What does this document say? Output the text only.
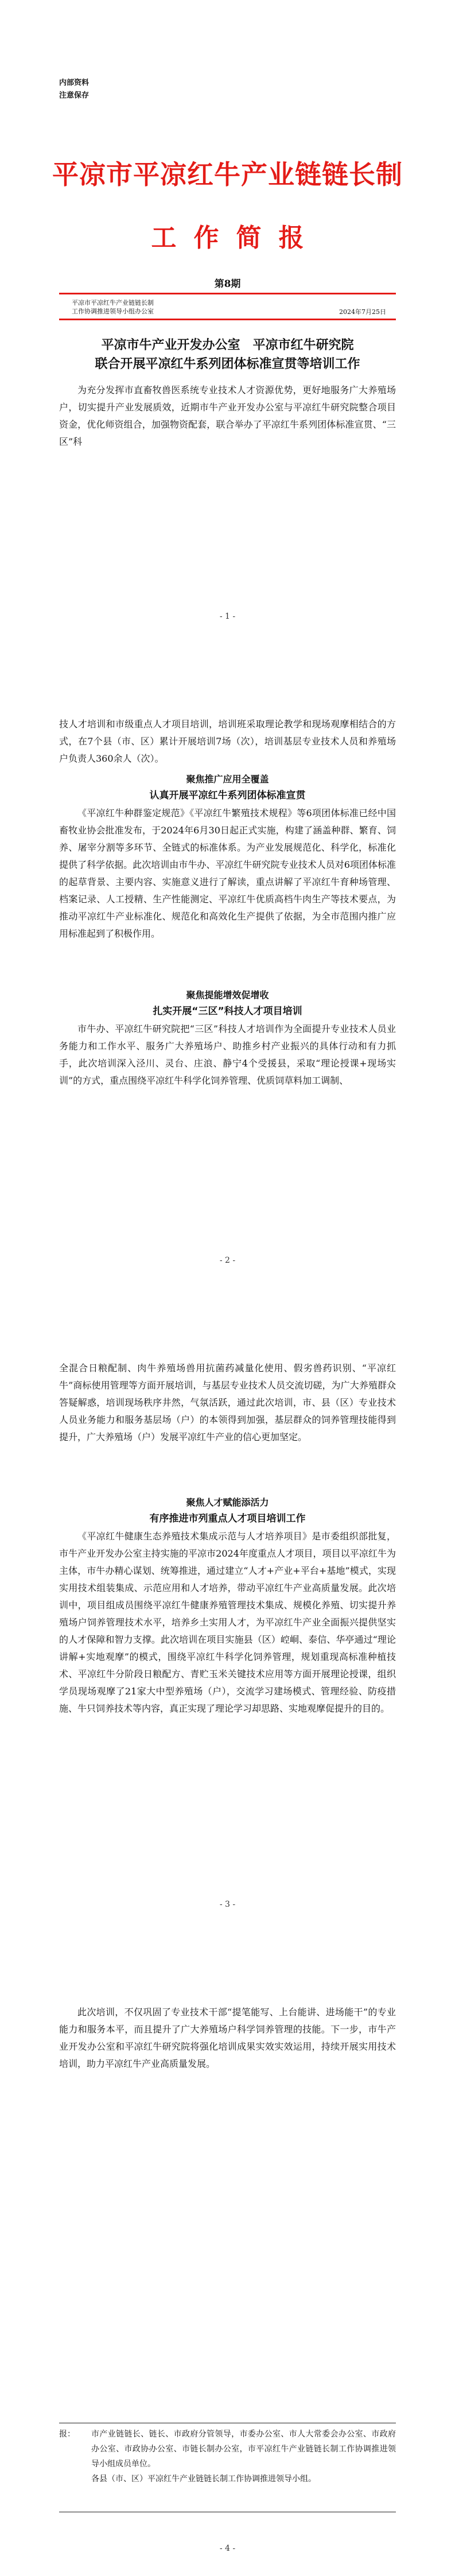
内部资料
注意保存
平凉市平凉红牛产业链链长制
工作简报
第8期
平凉市平凉红牛产业链链长制
工作协调推进领导小组办公室	2024年7月25日
平凉市牛产业开发办公室　平凉市红牛研究院
联合开展平凉红牛系列团体标准宣贯等培训工作

为充分发挥市直畜牧兽医系统专业技术人才资源优势，更好地服务广大养殖场户，切实提升产业发展质效，近期市牛产业开发办公室与平凉红牛研究院整合项目资金，优化师资组合，加强物资配套，联合举办了平凉红牛系列团体标准宣贯、“三区”科

- 1 -

技人才培训和市级重点人才项目培训，培训班采取理论教学和现场观摩相结合的方式，在7个县（市、区）累计开展培训7场（次），培训基层专业技术人员和养殖场户负责人360余人（次）。

聚焦推广应用全覆盖
认真开展平凉红牛系列团体标准宣贯

《平凉红牛种群鉴定规范》《平凉红牛繁殖技术规程》等6项团体标准已经中国畜牧业协会批准发布，于2024年6月30日起正式实施，构建了涵盖种群、繁育、饲养、屠宰分割等多环节、全链式的标准体系。为产业发展规范化、科学化，标准化提供了科学依据。此次培训由市牛办、平凉红牛研究院专业技术人员对6项团体标准的起草背景、主要内容、实施意义进行了解读，重点讲解了平凉红牛育种场管理、档案记录、人工授精、生产性能测定、平凉红牛优质高档牛肉生产等技术要点，为推动平凉红牛产业标准化、规范化和高效化生产提供了依据，为全市范围内推广应用标准起到了积极作用。

聚焦提能增效促增收
扎实开展“三区”科技人才项目培训

市牛办、平凉红牛研究院把“三区”科技人才培训作为全面提升专业技术人员业务能力和工作水平、服务广大养殖场户、助推乡村产业振兴的具体行动和有力抓手，此次培训深入泾川、灵台、庄浪、静宁4个受援县，采取“理论授课+现场实训”的方式，重点围绕平凉红牛科学化饲养管理、优质饲草料加工调制、

- 2 -

全混合日粮配制、肉牛养殖场兽用抗菌药减量化使用、假劣兽药识别、“平凉红牛”商标使用管理等方面开展培训，与基层专业技术人员交流切磋，为广大养殖群众答疑解惑，培训现场秩序井然，气氛活跃，通过此次培训，市、县（区）专业技术人员业务能力和服务基层场（户）的本领得到加强，基层群众的饲养管理技能得到提升，广大养殖场（户）发展平凉红牛产业的信心更加坚定。

聚焦人才赋能添活力
有序推进市列重点人才项目培训工作

《平凉红牛健康生态养殖技术集成示范与人才培养项目》是市委组织部批复，市牛产业开发办公室主持实施的平凉市2024年度重点人才项目，项目以平凉红牛为主体，市牛办精心谋划、统筹推进，通过建立“人才+产业+平台+基地”模式，实现实用技术组装集成、示范应用和人才培养，带动平凉红牛产业高质量发展。此次培训中，项目组成员围绕平凉红牛健康养殖管理技术集成、规模化养殖、切实提升养殖场户饲养管理技术水平，培养乡土实用人才，为平凉红牛产业全面振兴提供坚实的人才保障和智力支撑。此次培训在项目实施县（区）崆峒、泰信、华亭通过“理论讲解+实地观摩”的模式，围绕平凉红牛科学化饲养管理，规划重现高标准种植技术、平凉红牛分阶段日粮配方、青贮玉米关键技术应用等方面开展理论授课，组织学员现场观摩了21家大中型养殖场（户），交流学习建场模式、管理经验、防疫措施、牛只饲养技术等内容，真正实现了理论学习却思路、实地观摩促提升的目的。

- 3 -

此次培训，不仅巩固了专业技术干部“提笔能写、上台能讲、进场能干”的专业能力和服务本平，而且提升了广大养殖场户科学饲养管理的技能。下一步，市牛产业开发办公室和平凉红牛研究院将强化培训成果实效实效运用，持续开展实用技术培训，助力平凉红牛产业高质量发展。

报：	市产业链链长、链长、市政府分管领导，市委办公室、市人大常委会办公室、市政府办公室、市政协办公室、市链长制办公室，市平凉红牛产业链链长制工作协调推进领导小组成员单位。
各县（市、区）平凉红牛产业链链长制工作协调推进领导小组。
- 4 -
